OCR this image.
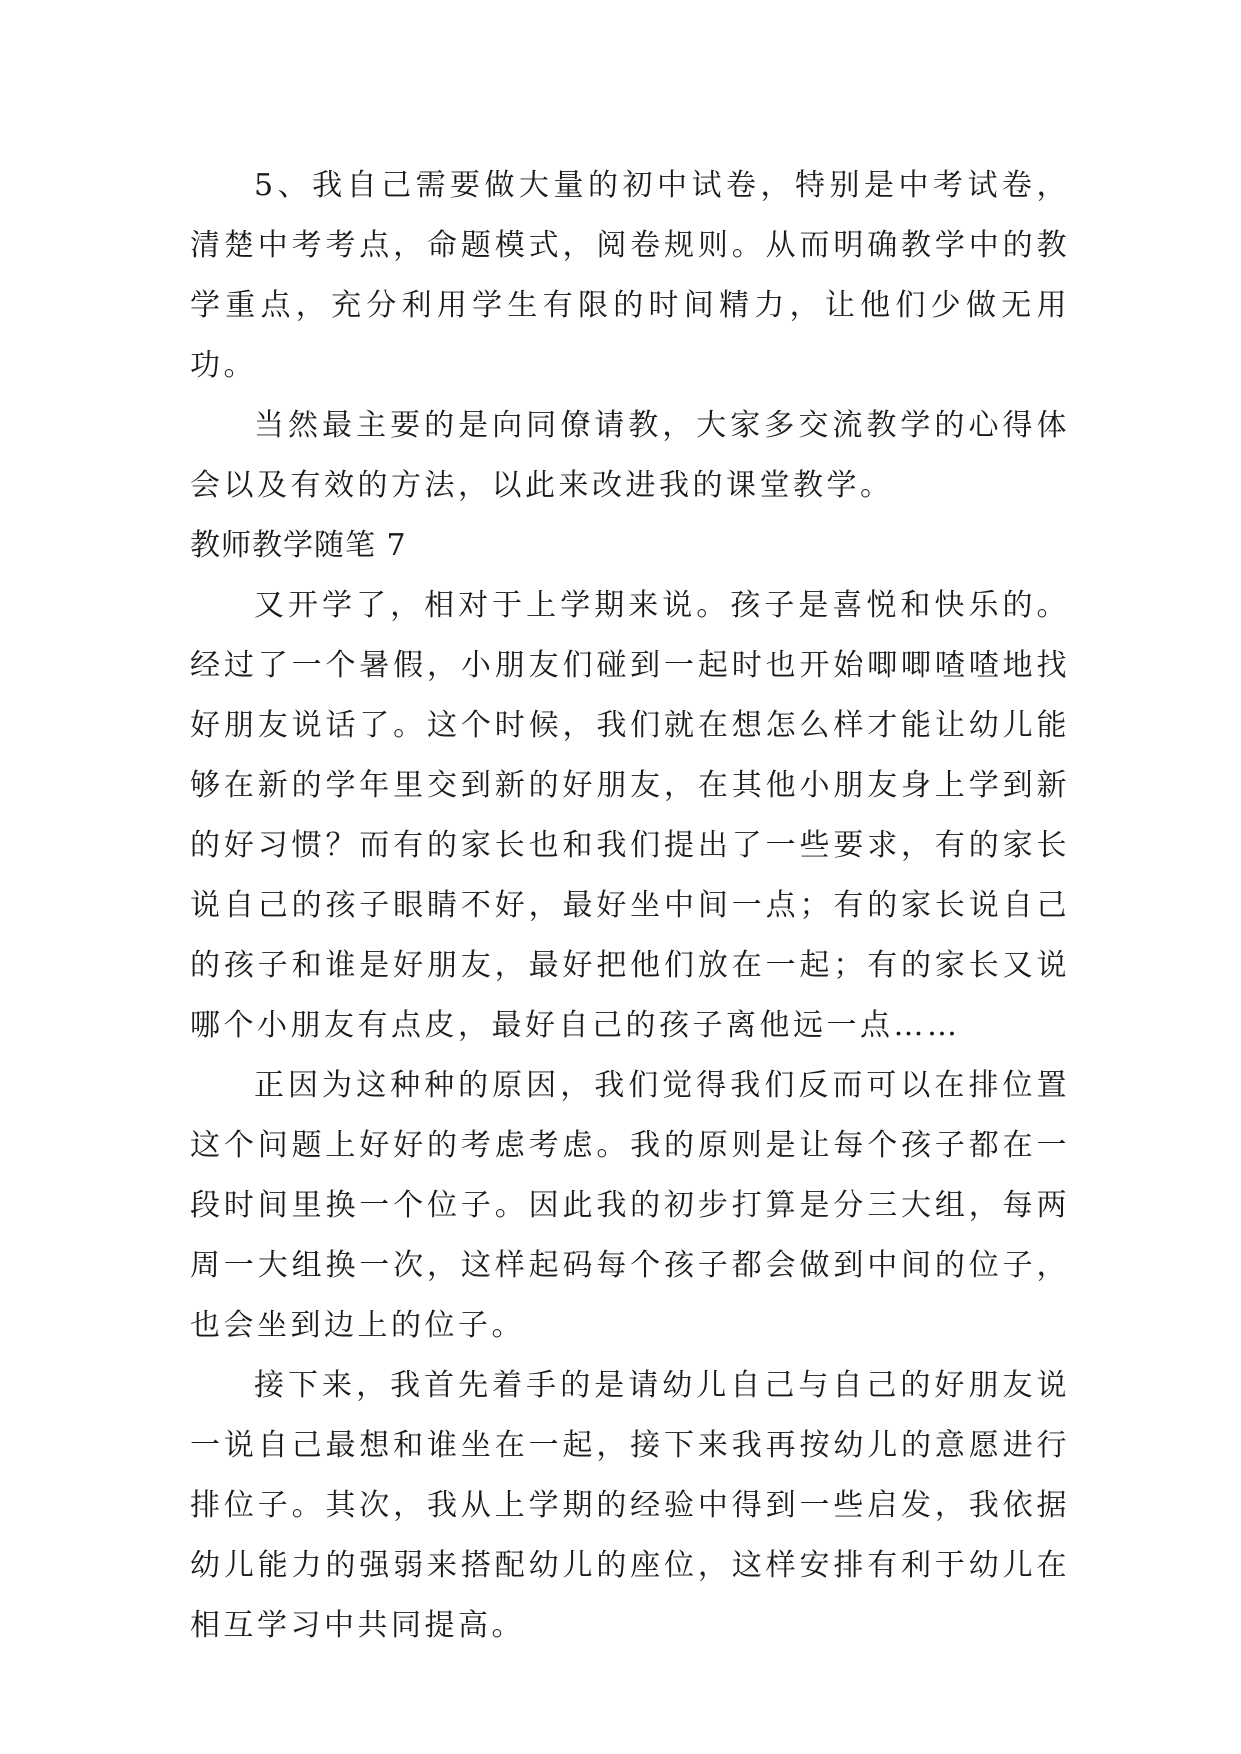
5、我自己需要做大量的初中试卷，特别是中考试卷，清楚中考考点，命题模式，阅卷规则。从而明确教学中的教学重点，充分利用学生有限的时间精力，让他们少做无用功。

当然最主要的是向同僚请教，大家多交流教学的心得体会以及有效的方法，以此来改进我的课堂教学。

教师教学随笔 7

又开学了，相对于上学期来说。孩子是喜悦和快乐的。经过了一个暑假，小朋友们碰到一起时也开始唧唧喳喳地找好朋友说话了。这个时候，我们就在想怎么样才能让幼儿能够在新的学年里交到新的好朋友，在其他小朋友身上学到新的好习惯？而有的家长也和我们提出了一些要求，有的家长说自己的孩子眼睛不好，最好坐中间一点；有的家长说自己的孩子和谁是好朋友，最好把他们放在一起；有的家长又说哪个小朋友有点皮，最好自己的孩子离他远一点……

正因为这种种的原因，我们觉得我们反而可以在排位置这个问题上好好的考虑考虑。我的原则是让每个孩子都在一段时间里换一个位子。因此我的初步打算是分三大组，每两周一大组换一次，这样起码每个孩子都会做到中间的位子，也会坐到边上的位子。

接下来，我首先着手的是请幼儿自己与自己的好朋友说一说自己最想和谁坐在一起，接下来我再按幼儿的意愿进行排位子。其次，我从上学期的经验中得到一些启发，我依据幼儿能力的强弱来搭配幼儿的座位，这样安排有利于幼儿在相互学习中共同提高。
